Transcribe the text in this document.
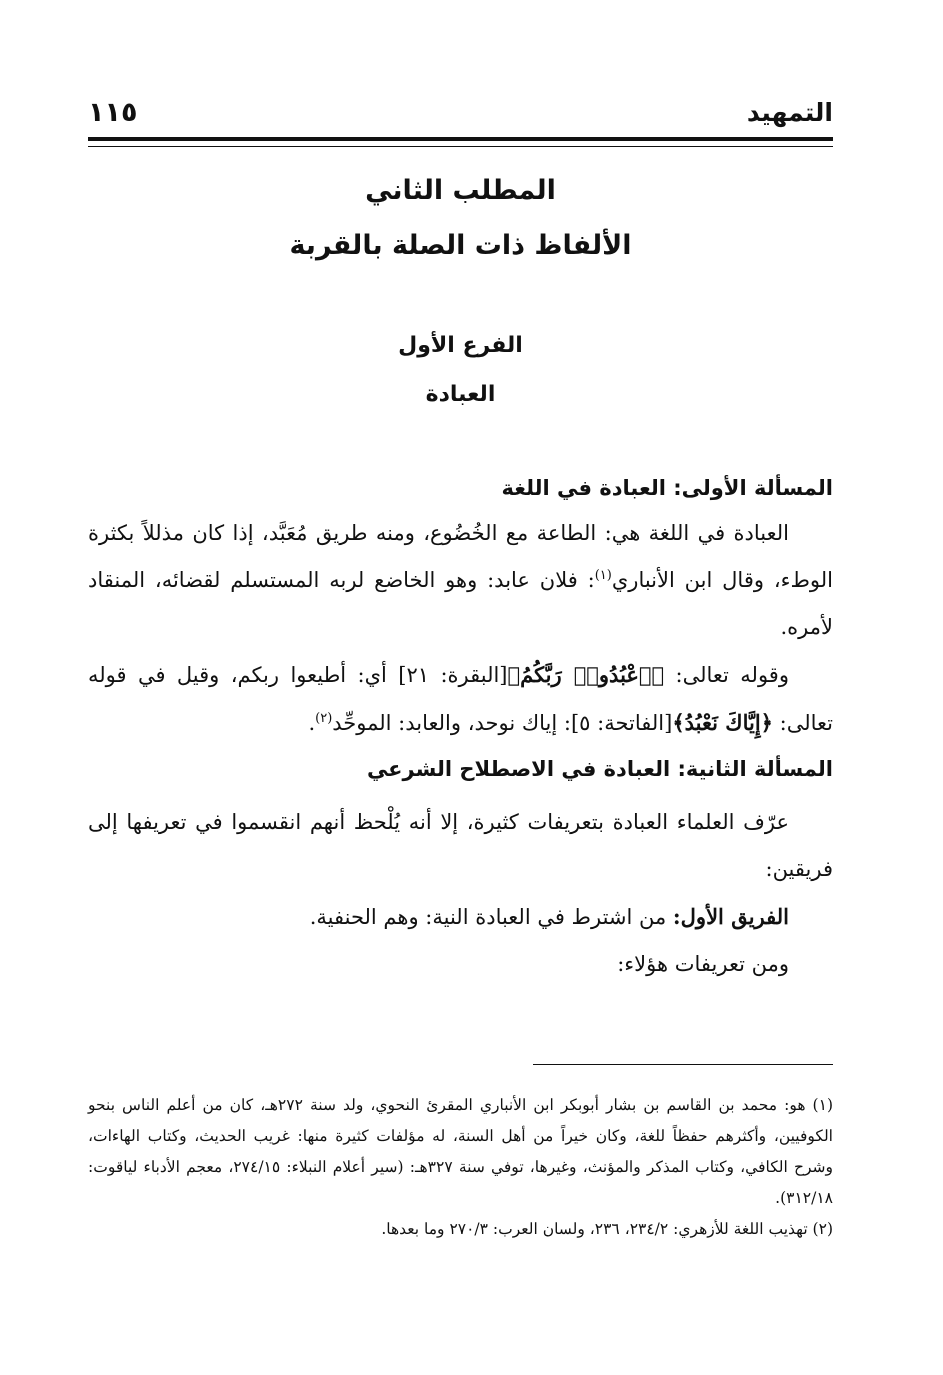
التمهيد
١١٥
المطلب الثاني
الألفاظ ذات الصلة بالقربة
الفرع الأول
العبادة

المسألة الأولى: العبادة في اللغة

العبادة في اللغة هي: الطاعة مع الخُضُوع، ومنه طريق مُعَبَّد، إذا كان مذللاً بكثرة الوطء، وقال ابن الأنباري$^{(١)}$: فلان عابد: وهو الخاضع لربه المستسلم لقضائه، المنقاد لأمره.

وقوله تعالى: ﴿ٱعْبُدُوا۟ رَبَّكُمُ﴾[البقرة: ٢١] أي: أطيعوا ربكم، وقيل في قوله تعالى: ﴿إِيَّاكَ نَعْبُدُ﴾[الفاتحة: ٥]: إياك نوحد، والعابد: الموحِّد$^{(٢)}$.

المسألة الثانية: العبادة في الاصطلاح الشرعي

عرّف العلماء العبادة بتعريفات كثيرة، إلا أنه يُلْحظ أنهم انقسموا في تعريفها إلى فريقين:

الفريق الأول: من اشترط في العبادة النية: وهم الحنفية.

ومن تعريفات هؤلاء:

(١) هو: محمد بن القاسم بن بشار أبوبكر ابن الأنباري المقرئ النحوي، ولد سنة ٢٧٢هـ، كان من أعلم الناس بنحو الكوفيين، وأكثرهم حفظاً للغة، وكان خيراً من أهل السنة، له مؤلفات كثيرة منها: غريب الحديث، وكتاب الهاءات، وشرح الكافي، وكتاب المذكر والمؤنث، وغيرها، توفي سنة ٣٢٧هـ: (سير أعلام النبلاء: ٢٧٤/١٥، معجم الأدباء لياقوت: ٣١٢/١٨).

(٢) تهذيب اللغة للأزهري: ٢٣٤/٢، ٢٣٦، ولسان العرب: ٢٧٠/٣ وما بعدها.
